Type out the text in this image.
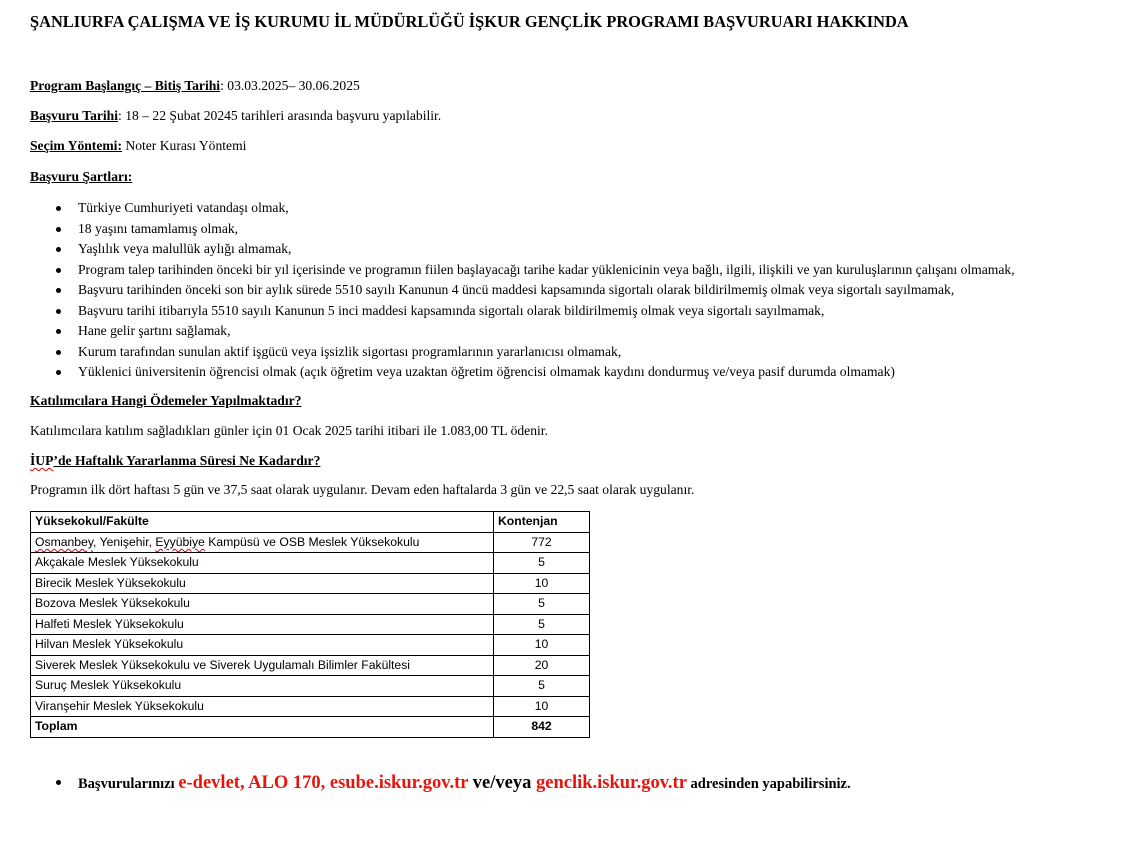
ŞANLIURFA ÇALIŞMA VE İŞ KURUMU İL MÜDÜRLÜĞÜ İŞKUR GENÇLİK PROGRAMI BAŞVURUARI HAKKINDA
Program Başlangıç – Bitiş Tarihi: 03.03.2025– 30.06.2025
Başvuru Tarihi: 18 – 22 Şubat 20245 tarihleri arasında başvuru yapılabilir.
Seçim Yöntemi: Noter Kurası Yöntemi
Başvuru Şartları:
Türkiye Cumhuriyeti vatandaşı olmak,
18 yaşını tamamlamış olmak,
Yaşlılık veya malullük aylığı almamak,
Program talep tarihinden önceki bir yıl içerisinde ve programın fiilen başlayacağı tarihe kadar yüklenicinin veya bağlı, ilgili, ilişkili ve yan kuruluşlarının çalışanı olmamak,
Başvuru tarihinden önceki son bir aylık sürede 5510 sayılı Kanunun 4 üncü maddesi kapsamında sigortalı olarak bildirilmemiş olmak veya sigortalı sayılmamak,
Başvuru tarihi itibarıyla 5510 sayılı Kanunun 5 inci maddesi kapsamında sigortalı olarak bildirilmemiş olmak veya sigortalı sayılmamak,
Hane gelir şartını sağlamak,
Kurum tarafından sunulan aktif işgücü veya işsizlik sigortası programlarının yararlanıcısı olmamak,
Yüklenici üniversitenin öğrencisi olmak (açık öğretim veya uzaktan öğretim öğrencisi olmamak kaydını dondurmuş ve/veya pasif durumda olmamak)
Katılımcılara Hangi Ödemeler Yapılmaktadır?
Katılımcılara katılım sağladıkları günler için 01 Ocak 2025 tarihi itibari ile 1.083,00 TL ödenir.
İUP’de Haftalık Yararlanma Süresi Ne Kadardır?
Programın ilk dört haftası 5 gün ve 37,5 saat olarak uygulanır. Devam eden haftalarda 3 gün ve 22,5 saat olarak uygulanır.
Yüksekokul/Fakülte	Kontenjan
Osmanbey, Yenişehir, Eyyübiye Kampüsü ve OSB Meslek Yüksekokulu	772
Akçakale Meslek Yüksekokulu	5
Birecik Meslek Yüksekokulu	10
Bozova Meslek Yüksekokulu	5
Halfeti Meslek Yüksekokulu	5
Hilvan Meslek Yüksekokulu	10
Siverek Meslek Yüksekokulu ve Siverek Uygulamalı Bilimler Fakültesi	20
Suruç Meslek Yüksekokulu	5
Viranşehir Meslek Yüksekokulu	10
Toplam	842
Başvurularınızı e-devlet, ALO 170, esube.iskur.gov.tr ve/veya genclik.iskur.gov.tr adresinden yapabilirsiniz.
